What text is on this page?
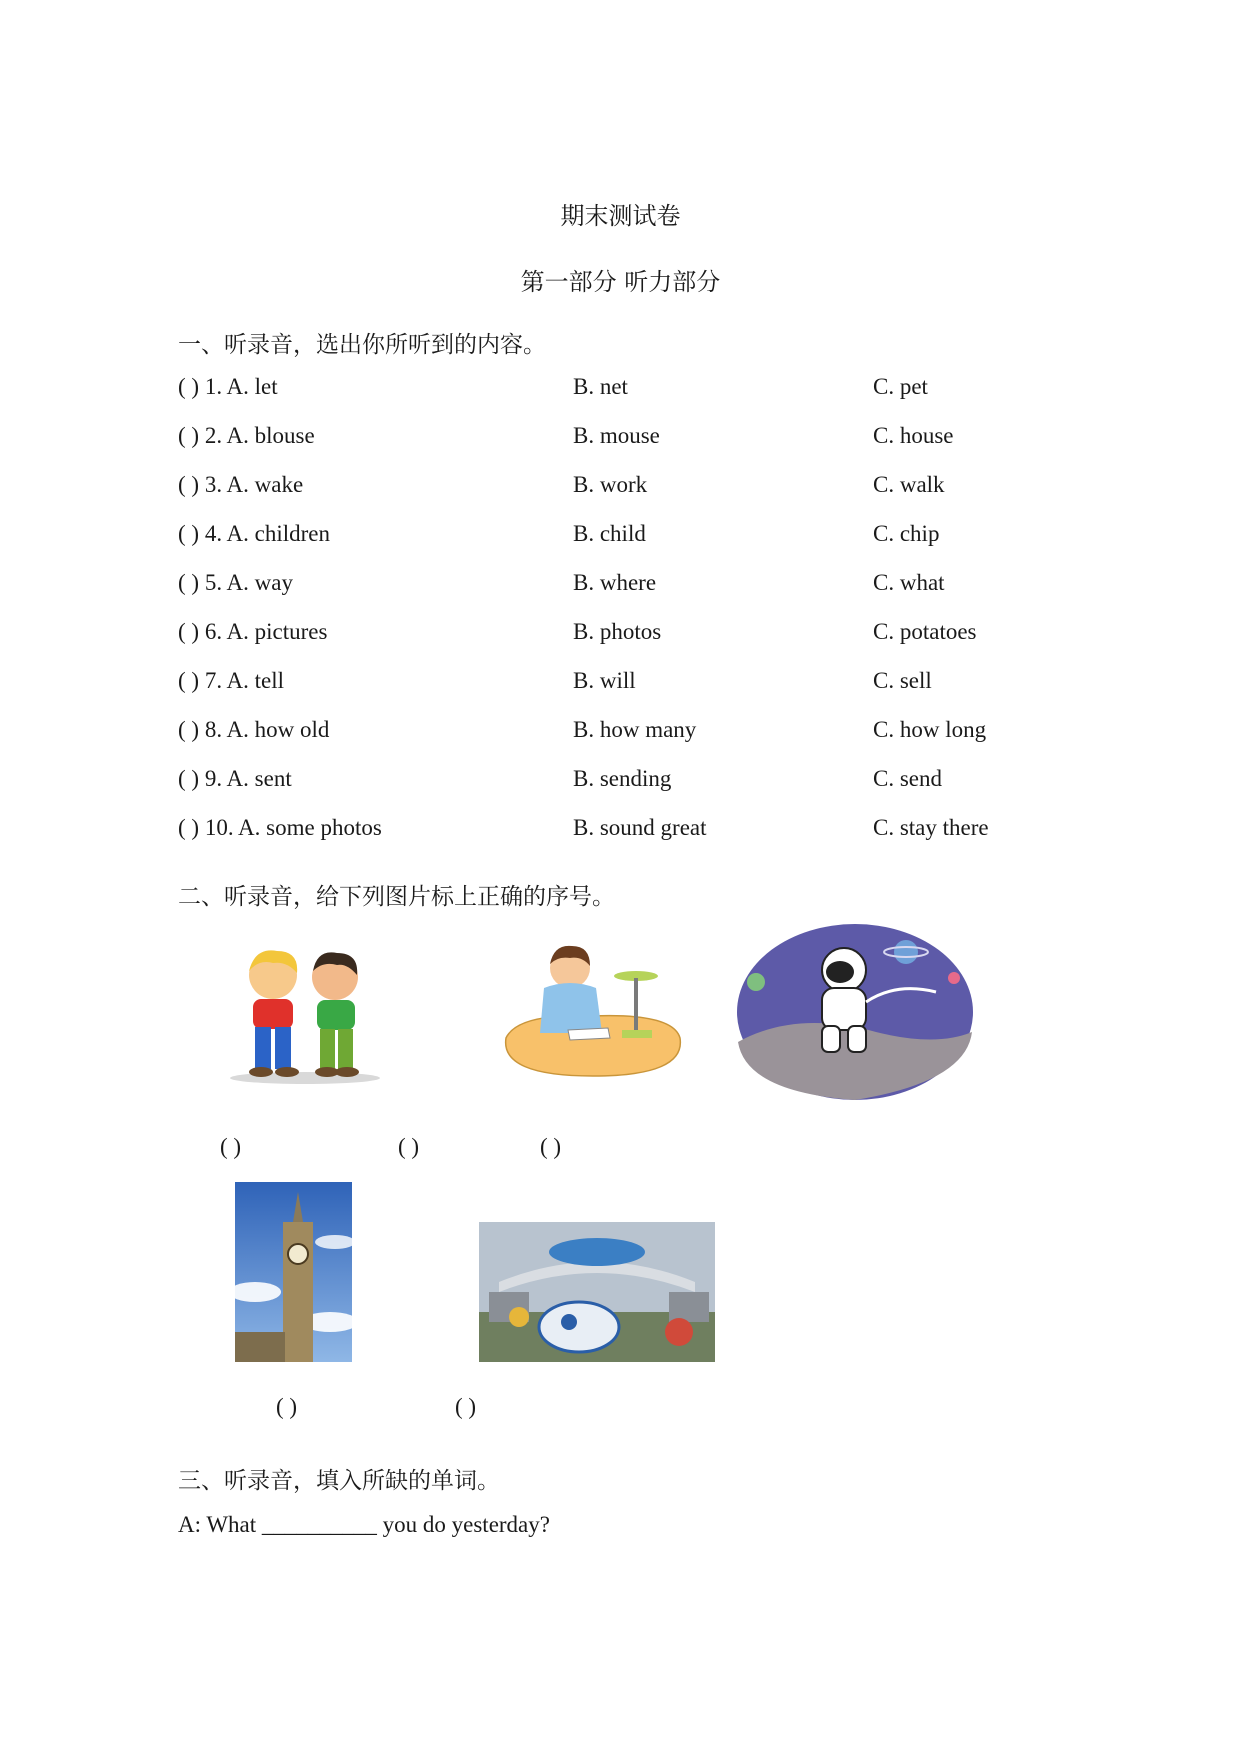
期末测试卷
第一部分 听力部分
一、听录音，选出你所听到的内容。
( ) 1. A. let	B. net	C. pet
( ) 2. A. blouse	B. mouse	C. house
( ) 3. A. wake	B. work	C. walk
( ) 4. A. children	B. child	C. chip
( ) 5. A. way	B. where	C. what
( ) 6. A. pictures	B. photos	C. potatoes
( ) 7. A. tell	B. will	C. sell
( ) 8. A. how old	B. how many	C. how long
( ) 9. A. sent	B. sending	C. send
( ) 10. A. some photos	B. sound great	C. stay there
二、听录音，给下列图片标上正确的序号。
( )	( )	( )
( )	( )
三、听录音，填入所缺的单词。
A: What __________ you do yesterday?
